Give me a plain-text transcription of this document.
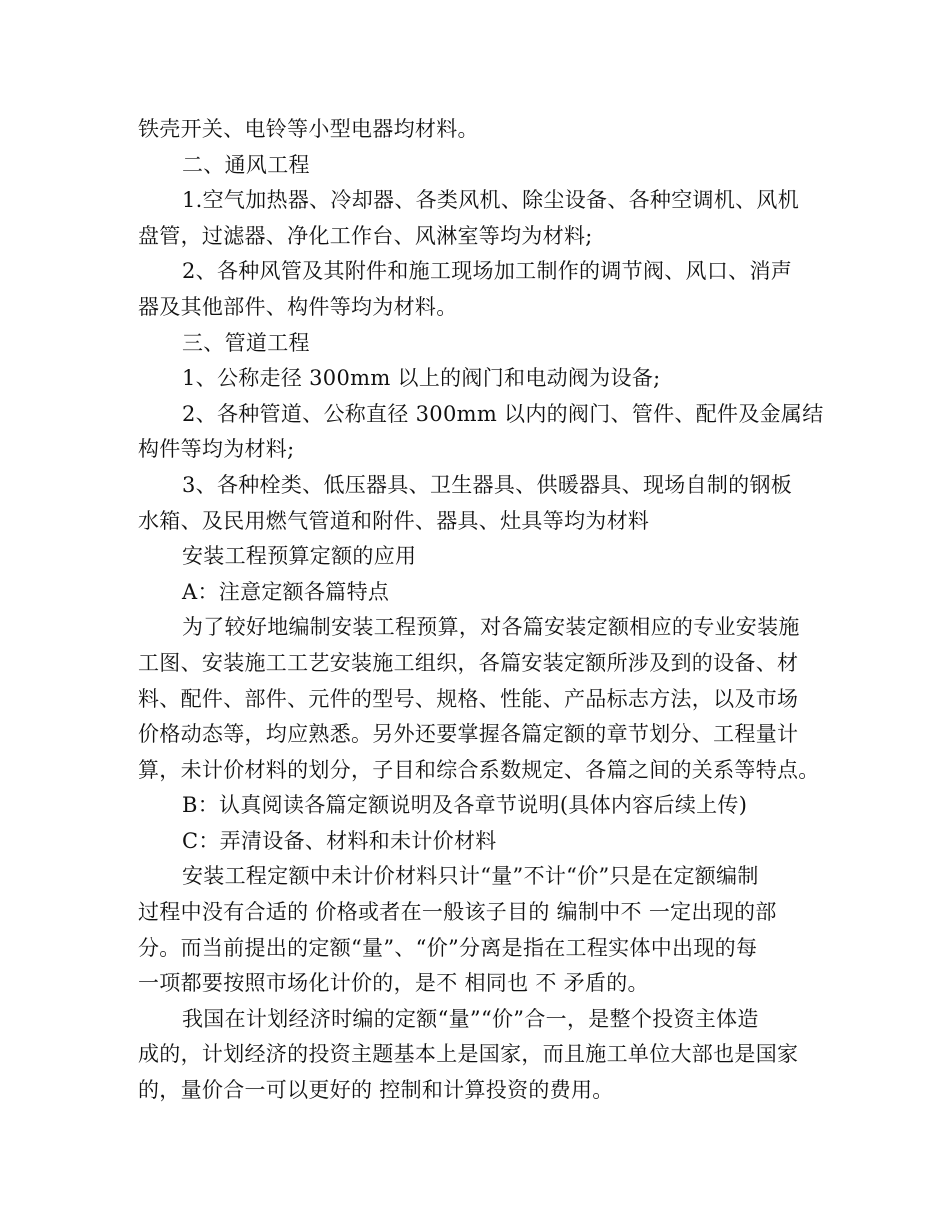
铁壳开关、电铃等小型电器均材料。
二、通风工程
1.空气加热器、冷却器、各类风机、除尘设备、各种空调机、风机
盘管，过滤器、净化工作台、风淋室等均为材料;
2、各种风管及其附件和施工现场加工制作的调节阀、风口、消声
器及其他部件、构件等均为材料。
三、管道工程
1、公称走径 300mm 以上的阀门和电动阀为设备;
2、各种管道、公称直径 300mm 以内的阀门、管件、配件及金属结
构件等均为材料;
3、各种栓类、低压器具、卫生器具、供暖器具、现场自制的钢板
水箱、及民用燃气管道和附件、器具、灶具等均为材料
安装工程预算定额的应用
A：注意定额各篇特点
为了较好地编制安装工程预算，对各篇安装定额相应的专业安装施
工图、安装施工工艺安装施工组织，各篇安装定额所涉及到的设备、材
料、配件、部件、元件的型号、规格、性能、产品标志方法，以及市场
价格动态等，均应熟悉。另外还要掌握各篇定额的章节划分、工程量计
算，未计价材料的划分，子目和综合系数规定、各篇之间的关系等特点。
B：认真阅读各篇定额说明及各章节说明(具体内容后续上传)
C：弄清设备、材料和未计价材料
安装工程定额中未计价材料只计“量”不计“价”只是在定额编制
过程中没有合适的 价格或者在一般该子目的 编制中不 一定出现的部
分。而当前提出的定额“量”、“价”分离是指在工程实体中出现的每
一项都要按照市场化计价的，是不 相同也 不 矛盾的。
我国在计划经济时编的定额“量”“价”合一，是整个投资主体造
成的，计划经济的投资主题基本上是国家，而且施工单位大部也是国家
的，量价合一可以更好的 控制和计算投资的费用。
